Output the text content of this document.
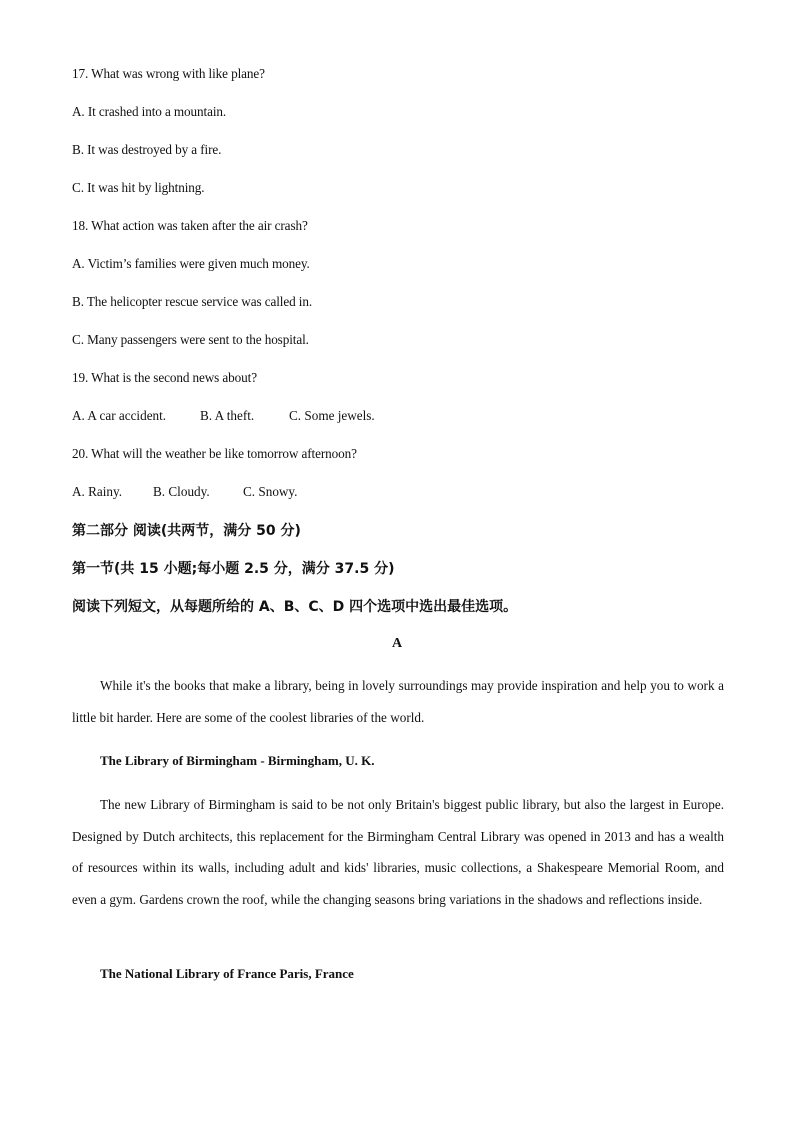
17. What was wrong with like plane?
A. It crashed into a mountain.
B. It was destroyed by a fire.
C. It was hit by lightning.
18. What action was taken after the air crash?
A. Victim’s families were given much money.
B. The helicopter rescue service was called in.
C. Many passengers were sent to the hospital.
19. What is the second news about?
A. A car accident.	B. A theft.	C. Some jewels.
20. What will the weather be like tomorrow afternoon?
A. Rainy. B. Cloudy.	C. Snowy.
第二部分 阅读(共两节，满分 50 分)
第一节(共 15 小题;每小题 2.5 分，满分 37.5 分)
阅读下列短文，从每题所给的 A、B、C、D 四个选项中选出最佳选项。
A
While it's the books that make a library, being in lovely surroundings may provide inspiration and help you to work a little bit harder. Here are some of the coolest libraries of the world.
The Library of Birmingham - Birmingham, U. K.
The new Library of Birmingham is said to be not only Britain's biggest public library, but also the largest in Europe. Designed by Dutch architects, this replacement for the Birmingham Central Library was opened in 2013 and has a wealth of resources within its walls, including adult and kids' libraries, music collections, a Shakespeare Memorial Room, and even a gym. Gardens crown the roof, while the changing seasons bring variations in the shadows and reflections inside.
The National Library of France Paris, France
